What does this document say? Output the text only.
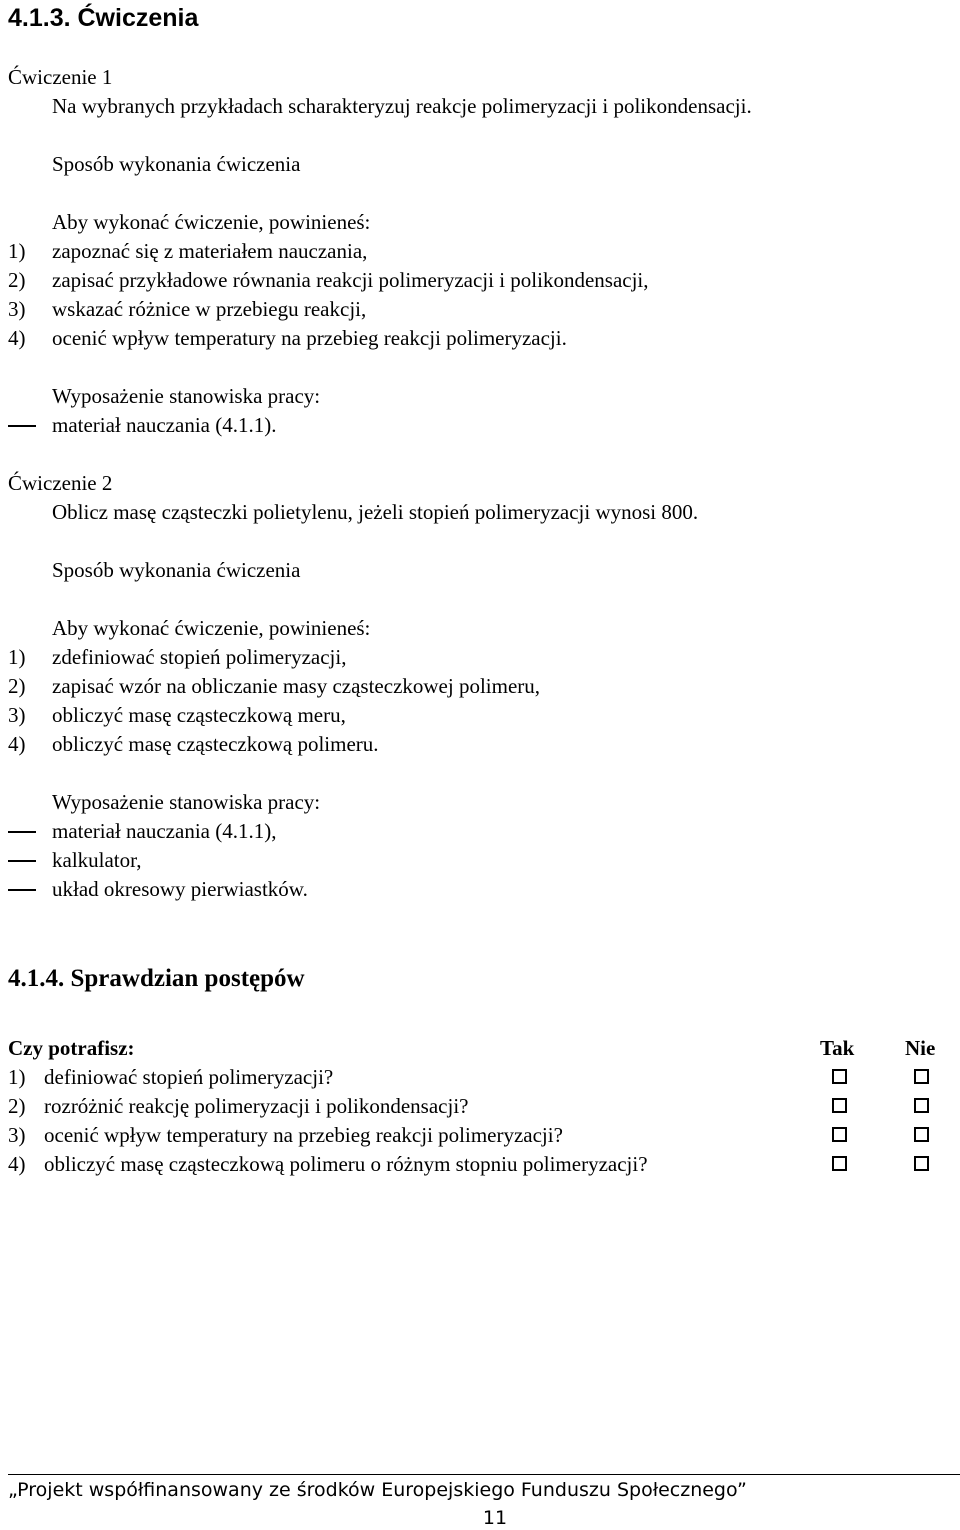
4.1.3. Ćwiczenia
Ćwiczenie 1
Na wybranych przykładach scharakteryzuj reakcje polimeryzacji i polikondensacji.
Sposób wykonania ćwiczenia
Aby wykonać ćwiczenie, powinieneś:
1) zapoznać się z materiałem nauczania,
2) zapisać przykładowe równania reakcji polimeryzacji i polikondensacji,
3) wskazać różnice w przebiegu reakcji,
4) ocenić wpływ temperatury na przebieg reakcji polimeryzacji.
Wyposażenie stanowiska pracy:
materiał nauczania (4.1.1).
Ćwiczenie 2
Oblicz masę cząsteczki polietylenu, jeżeli stopień polimeryzacji wynosi 800.
Sposób wykonania ćwiczenia
Aby wykonać ćwiczenie, powinieneś:
1) zdefiniować stopień polimeryzacji,
2) zapisać wzór na obliczanie masy cząsteczkowej polimeru,
3) obliczyć masę cząsteczkową meru,
4) obliczyć masę cząsteczkową polimeru.
Wyposażenie stanowiska pracy:
materiał nauczania (4.1.1),
kalkulator,
układ okresowy pierwiastków.
4.1.4. Sprawdzian postępów
Czy potrafisz:	Tak Nie
1) definiować stopień polimeryzacji?
2) rozróżnić reakcję polimeryzacji i polikondensacji?
3) ocenić wpływ temperatury na przebieg reakcji polimeryzacji?
4) obliczyć masę cząsteczkową polimeru o różnym stopniu polimeryzacji?
„Projekt współfinansowany ze środków Europejskiego Funduszu Społecznego”
11
